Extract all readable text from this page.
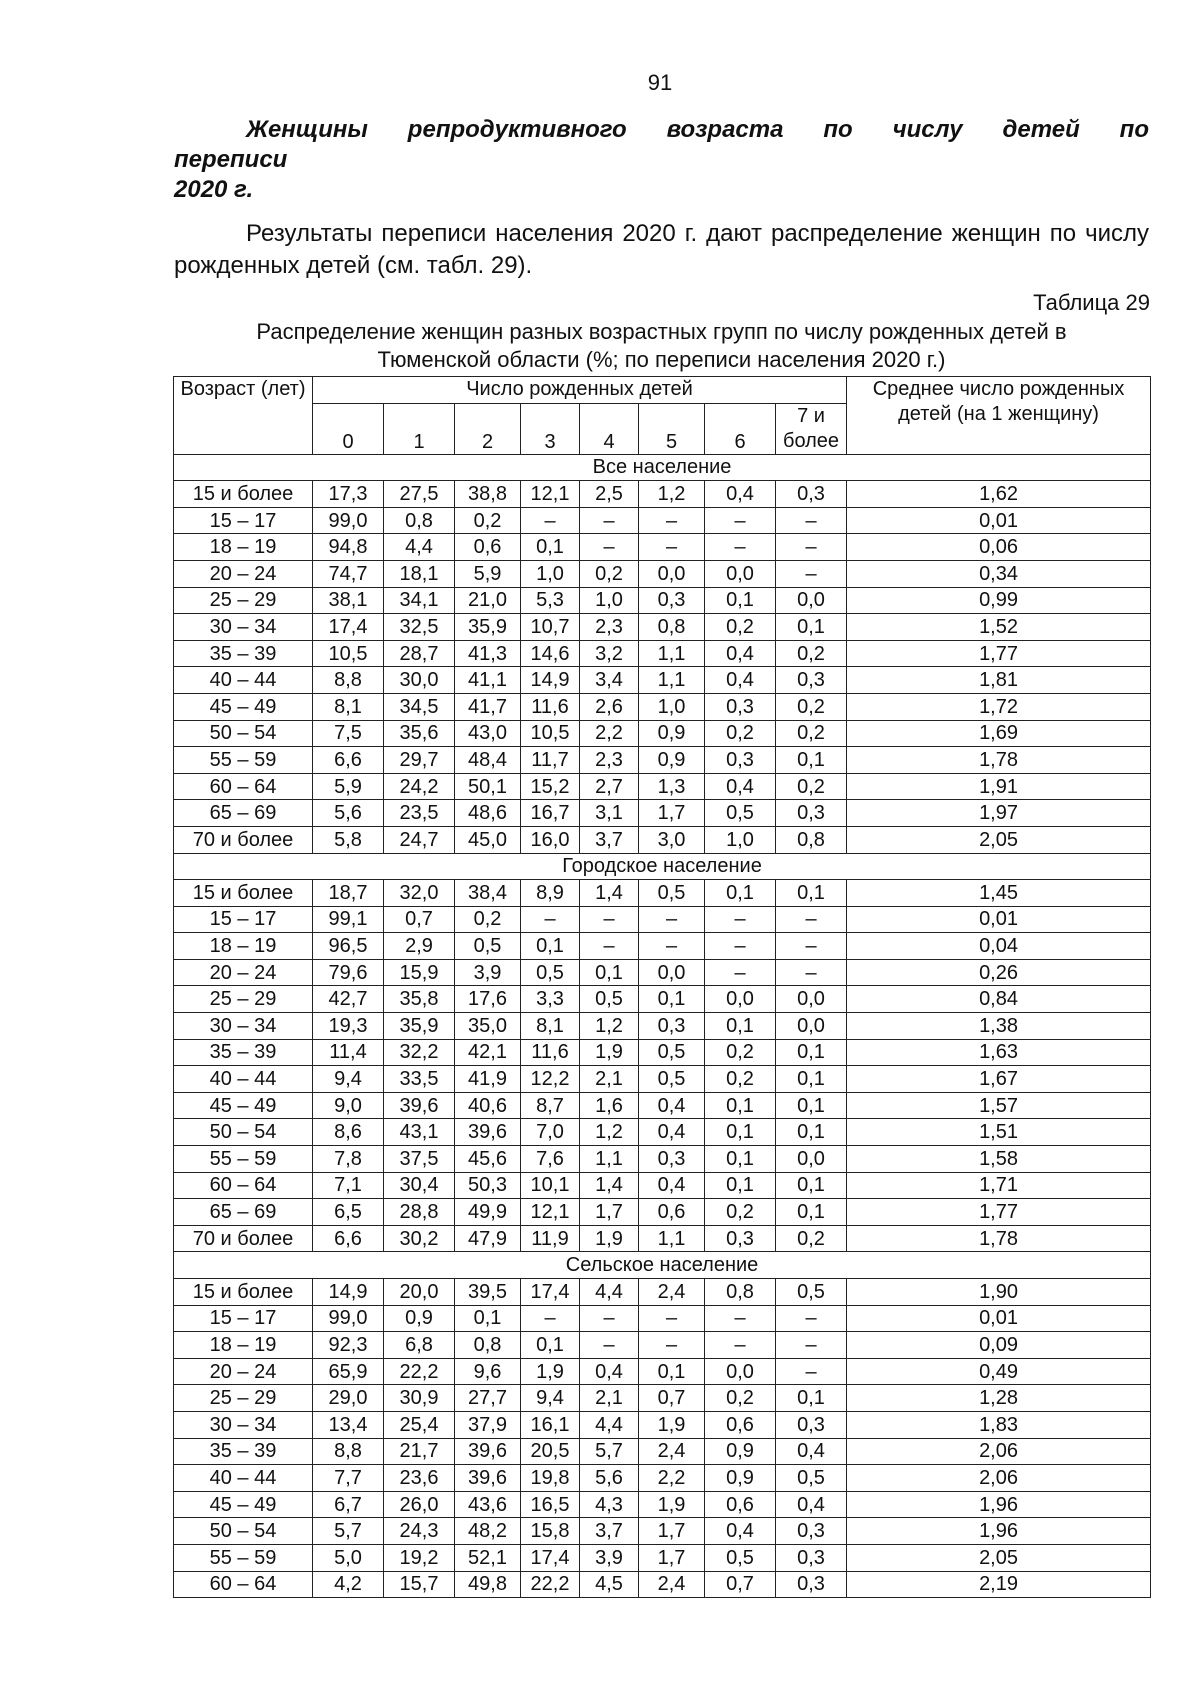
91
Женщины репродуктивного возраста по числу детей по
переписи
2020 г.
Результаты переписи населения 2020 г. дают распределение женщин по числу рожденных детей (см. табл. 29).
Таблица 29
Распределение женщин разных возрастных групп по числу рожденных детей в
Тюменской области (%; по переписи населения 2020 г.)
Возраст (лет)	Число рожденных детей								Среднее число рожденных детей (на 1 женщину)
	0	1	2	3	4	5	6	7 и более	

Все население									
15 и более	17,3	27,5	38,8	12,1	2,5	1,2	0,4	0,3	1,62
15 – 17	99,0	0,8	0,2	–	–	–	–	–	0,01
18 – 19	94,8	4,4	0,6	0,1	–	–	–	–	0,06
20 – 24	74,7	18,1	5,9	1,0	0,2	0,0	0,0	–	0,34
25 – 29	38,1	34,1	21,0	5,3	1,0	0,3	0,1	0,0	0,99
30 – 34	17,4	32,5	35,9	10,7	2,3	0,8	0,2	0,1	1,52
35 – 39	10,5	28,7	41,3	14,6	3,2	1,1	0,4	0,2	1,77
40 – 44	8,8	30,0	41,1	14,9	3,4	1,1	0,4	0,3	1,81
45 – 49	8,1	34,5	41,7	11,6	2,6	1,0	0,3	0,2	1,72
50 – 54	7,5	35,6	43,0	10,5	2,2	0,9	0,2	0,2	1,69
55 – 59	6,6	29,7	48,4	11,7	2,3	0,9	0,3	0,1	1,78
60 – 64	5,9	24,2	50,1	15,2	2,7	1,3	0,4	0,2	1,91
65 – 69	5,6	23,5	48,6	16,7	3,1	1,7	0,5	0,3	1,97
70 и более	5,8	24,7	45,0	16,0	3,7	3,0	1,0	0,8	2,05
Городское население									
15 и более	18,7	32,0	38,4	8,9	1,4	0,5	0,1	0,1	1,45
15 – 17	99,1	0,7	0,2	–	–	–	–	–	0,01
18 – 19	96,5	2,9	0,5	0,1	–	–	–	–	0,04
20 – 24	79,6	15,9	3,9	0,5	0,1	0,0	–	–	0,26
25 – 29	42,7	35,8	17,6	3,3	0,5	0,1	0,0	0,0	0,84
30 – 34	19,3	35,9	35,0	8,1	1,2	0,3	0,1	0,0	1,38
35 – 39	11,4	32,2	42,1	11,6	1,9	0,5	0,2	0,1	1,63
40 – 44	9,4	33,5	41,9	12,2	2,1	0,5	0,2	0,1	1,67
45 – 49	9,0	39,6	40,6	8,7	1,6	0,4	0,1	0,1	1,57
50 – 54	8,6	43,1	39,6	7,0	1,2	0,4	0,1	0,1	1,51
55 – 59	7,8	37,5	45,6	7,6	1,1	0,3	0,1	0,0	1,58
60 – 64	7,1	30,4	50,3	10,1	1,4	0,4	0,1	0,1	1,71
65 – 69	6,5	28,8	49,9	12,1	1,7	0,6	0,2	0,1	1,77
70 и более	6,6	30,2	47,9	11,9	1,9	1,1	0,3	0,2	1,78
Сельское население									
15 и более	14,9	20,0	39,5	17,4	4,4	2,4	0,8	0,5	1,90
15 – 17	99,0	0,9	0,1	–	–	–	–	–	0,01
18 – 19	92,3	6,8	0,8	0,1	–	–	–	–	0,09
20 – 24	65,9	22,2	9,6	1,9	0,4	0,1	0,0	–	0,49
25 – 29	29,0	30,9	27,7	9,4	2,1	0,7	0,2	0,1	1,28
30 – 34	13,4	25,4	37,9	16,1	4,4	1,9	0,6	0,3	1,83
35 – 39	8,8	21,7	39,6	20,5	5,7	2,4	0,9	0,4	2,06
40 – 44	7,7	23,6	39,6	19,8	5,6	2,2	0,9	0,5	2,06
45 – 49	6,7	26,0	43,6	16,5	4,3	1,9	0,6	0,4	1,96
50 – 54	5,7	24,3	48,2	15,8	3,7	1,7	0,4	0,3	1,96
55 – 59	5,0	19,2	52,1	17,4	3,9	1,7	0,5	0,3	2,05
60 – 64	4,2	15,7	49,8	22,2	4,5	2,4	0,7	0,3	2,19
